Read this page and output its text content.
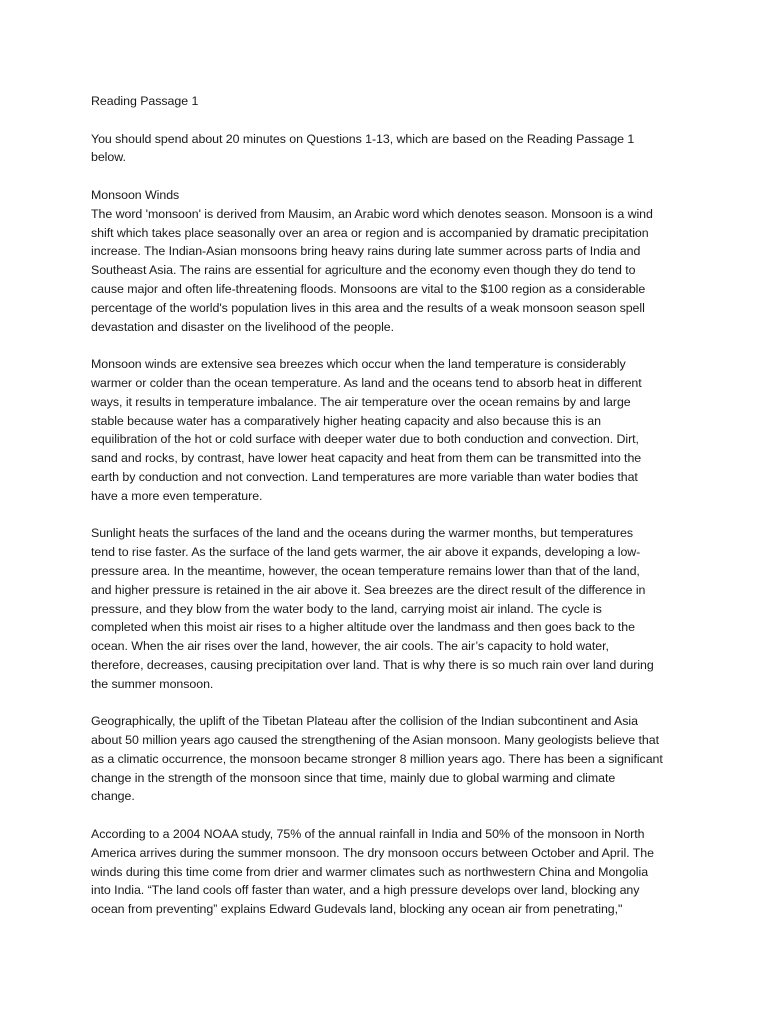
Reading Passage 1

You should spend about 20 minutes on Questions 1-13, which are based on the Reading Passage 1

below.

Monsoon Winds

The word 'monsoon' is derived from Mausim, an Arabic word which denotes season. Monsoon is a wind

shift which takes place seasonally over an area or region and is accompanied by dramatic precipitation

increase. The Indian-Asian monsoons bring heavy rains during late summer across parts of India and

Southeast Asia. The rains are essential for agriculture and the economy even though they do tend to

cause major and often life-threatening floods. Monsoons are vital to the $100 region as a considerable

percentage of the world's population lives in this area and the results of a weak monsoon season spell

devastation and disaster on the livelihood of the people.

Monsoon winds are extensive sea breezes which occur when the land temperature is considerably

warmer or colder than the ocean temperature. As land and the oceans tend to absorb heat in different

ways, it results in temperature imbalance. The air temperature over the ocean remains by and large

stable because water has a comparatively higher heating capacity and also because this is an

equilibration of the hot or cold surface with deeper water due to both conduction and convection. Dirt,

sand and rocks, by contrast, have lower heat capacity and heat from them can be transmitted into the

earth by conduction and not convection. Land temperatures are more variable than water bodies that

have a more even temperature.

Sunlight heats the surfaces of the land and the oceans during the warmer months, but temperatures

tend to rise faster. As the surface of the land gets warmer, the air above it expands, developing a low-

pressure area. In the meantime, however, the ocean temperature remains lower than that of the land,

and higher pressure is retained in the air above it. Sea breezes are the direct result of the difference in

pressure, and they blow from the water body to the land, carrying moist air inland. The cycle is

completed when this moist air rises to a higher altitude over the landmass and then goes back to the

ocean. When the air rises over the land, however, the air cools. The air’s capacity to hold water,

therefore, decreases, causing precipitation over land. That is why there is so much rain over land during

the summer monsoon.

Geographically, the uplift of the Tibetan Plateau after the collision of the Indian subcontinent and Asia

about 50 million years ago caused the strengthening of the Asian monsoon. Many geologists believe that

as a climatic occurrence, the monsoon became stronger 8 million years ago. There has been a significant

change in the strength of the monsoon since that time, mainly due to global warming and climate

change.

According to a 2004 NOAA study, 75% of the annual rainfall in India and 50% of the monsoon in North

America arrives during the summer monsoon. The dry monsoon occurs between October and April. The

winds during this time come from drier and warmer climates such as northwestern China and Mongolia

into India. “The land cools off faster than water, and a high pressure develops over land, blocking any

ocean from preventing” explains Edward Gudevals land, blocking any ocean air from penetrating,"
